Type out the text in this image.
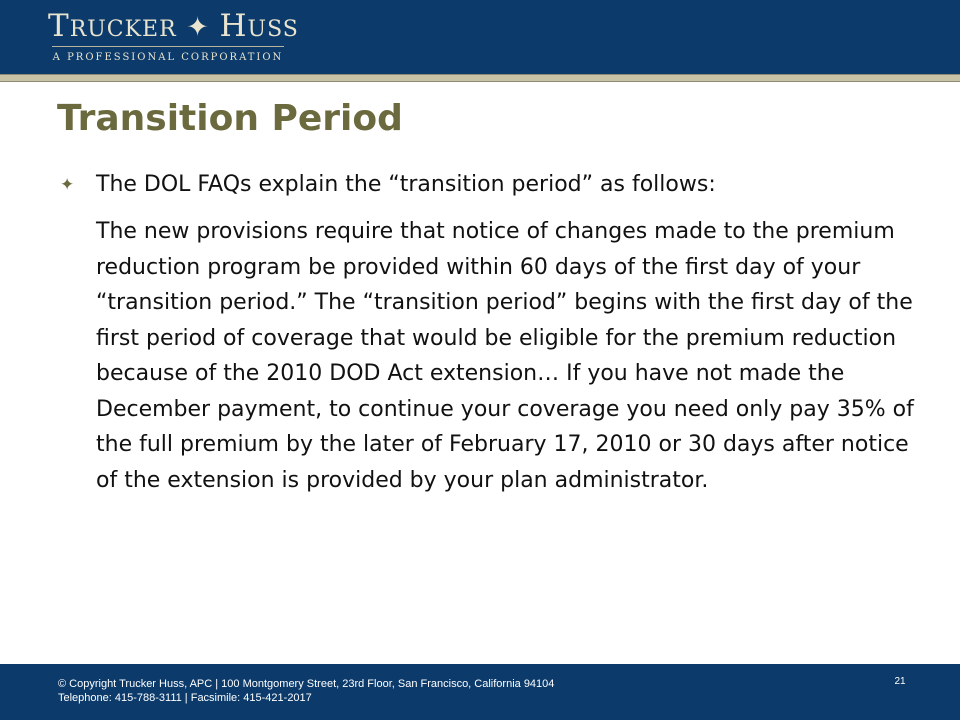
TRUCKER ✦ HUSS
A PROFESSIONAL CORPORATION
Transition Period
✦ The DOL FAQs explain the “transition period” as follows:

The new provisions require that notice of changes made to the premium reduction program be provided within 60 days of the first day of your “transition period.” The “transition period” begins with the first day of the first period of coverage that would be eligible for the premium reduction because of the 2010 DOD Act extension… If you have not made the December payment, to continue your coverage you need only pay 35% of the full premium by the later of February 17, 2010 or 30 days after notice of the extension is provided by your plan administrator.

© Copyright Trucker Huss, APC | 100 Montgomery Street, 23rd Floor, San Francisco, California 94104
Telephone: 415-788-3111 | Facsimile: 415-421-2017
21
